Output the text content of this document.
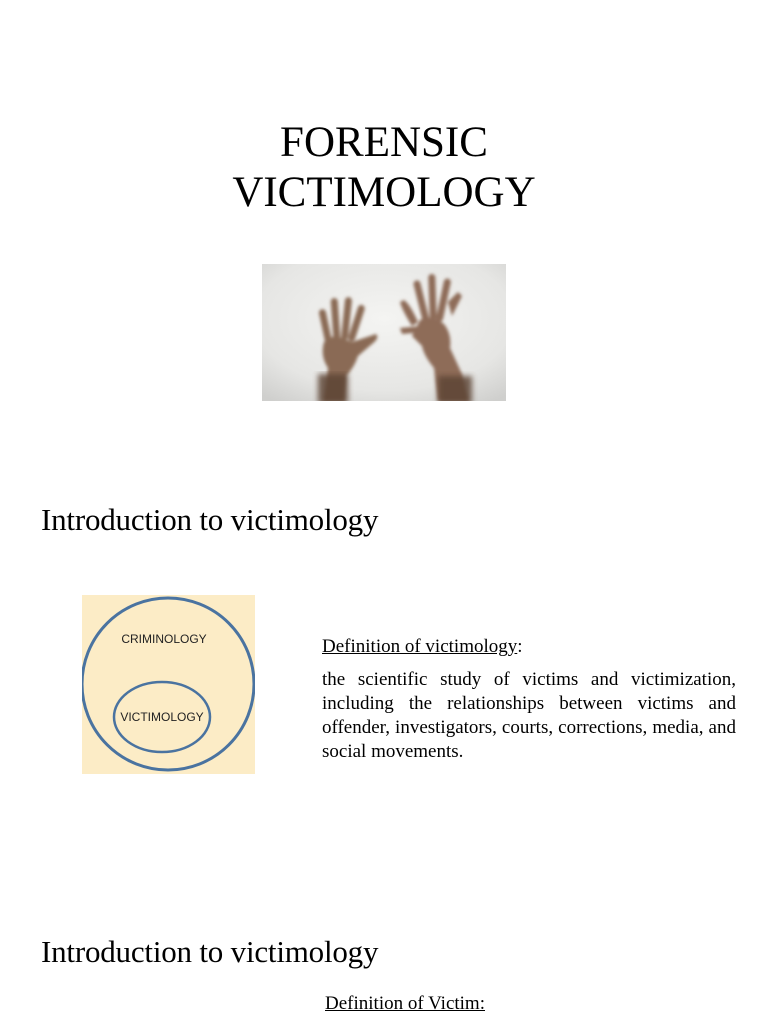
FORENSIC
VICTIMOLOGY
Introduction to victimology
CRIMINOLOGY
VICTIMOLOGY
Definition of victimology:

the scientific study of victims and victimization, including the relationships between victims and offender, investigators, courts, corrections, media, and social movements.

Introduction to victimology
Definition of Victim:
